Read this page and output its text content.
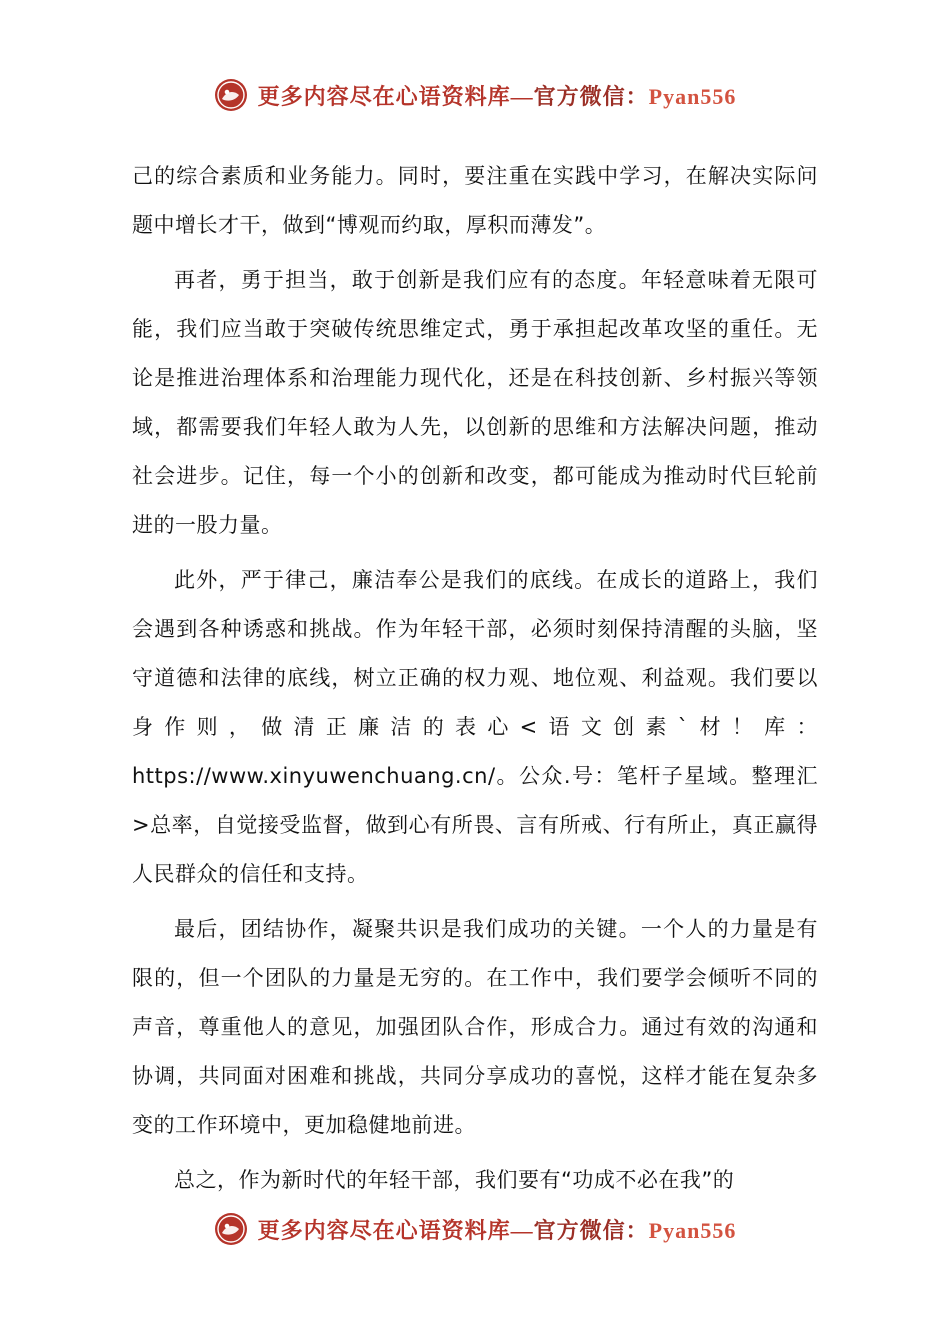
更多内容尽在心语资料库—官方微信：Pyan556

己的综合素质和业务能力。同时，要注重在实践中学习，在解决实际问题中增长才干，做到“博观而约取，厚积而薄发”。

再者，勇于担当，敢于创新是我们应有的态度。年轻意味着无限可能，我们应当敢于突破传统思维定式，勇于承担起改革攻坚的重任。无论是推进治理体系和治理能力现代化，还是在科技创新、乡村振兴等领域，都需要我们年轻人敢为人先，以创新的思维和方法解决问题，推动社会进步。记住，每一个小的创新和改变，都可能成为推动时代巨轮前进的一股力量。

此外，严于律己，廉洁奉公是我们的底线。在成长的道路上，我们会遇到各种诱惑和挑战。作为年轻干部，必须时刻保持清醒的头脑，坚守道德和法律的底线，树立正确的权力观、地位观、利益观。我们要以身作则，做清正廉洁的表心<语文创素`材！库：https://www.xinyuwenchuang.cn/。公众.号：笔杆子星域。整理汇>总率，自觉接受监督，做到心有所畏、言有所戒、行有所止，真正赢得人民群众的信任和支持。

最后，团结协作，凝聚共识是我们成功的关键。一个人的力量是有限的，但一个团队的力量是无穷的。在工作中，我们要学会倾听不同的声音，尊重他人的意见，加强团队合作，形成合力。通过有效的沟通和协调，共同面对困难和挑战，共同分享成功的喜悦，这样才能在复杂多变的工作环境中，更加稳健地前进。

总之，作为新时代的年轻干部，我们要有“功成不必在我”的

更多内容尽在心语资料库—官方微信：Pyan556
